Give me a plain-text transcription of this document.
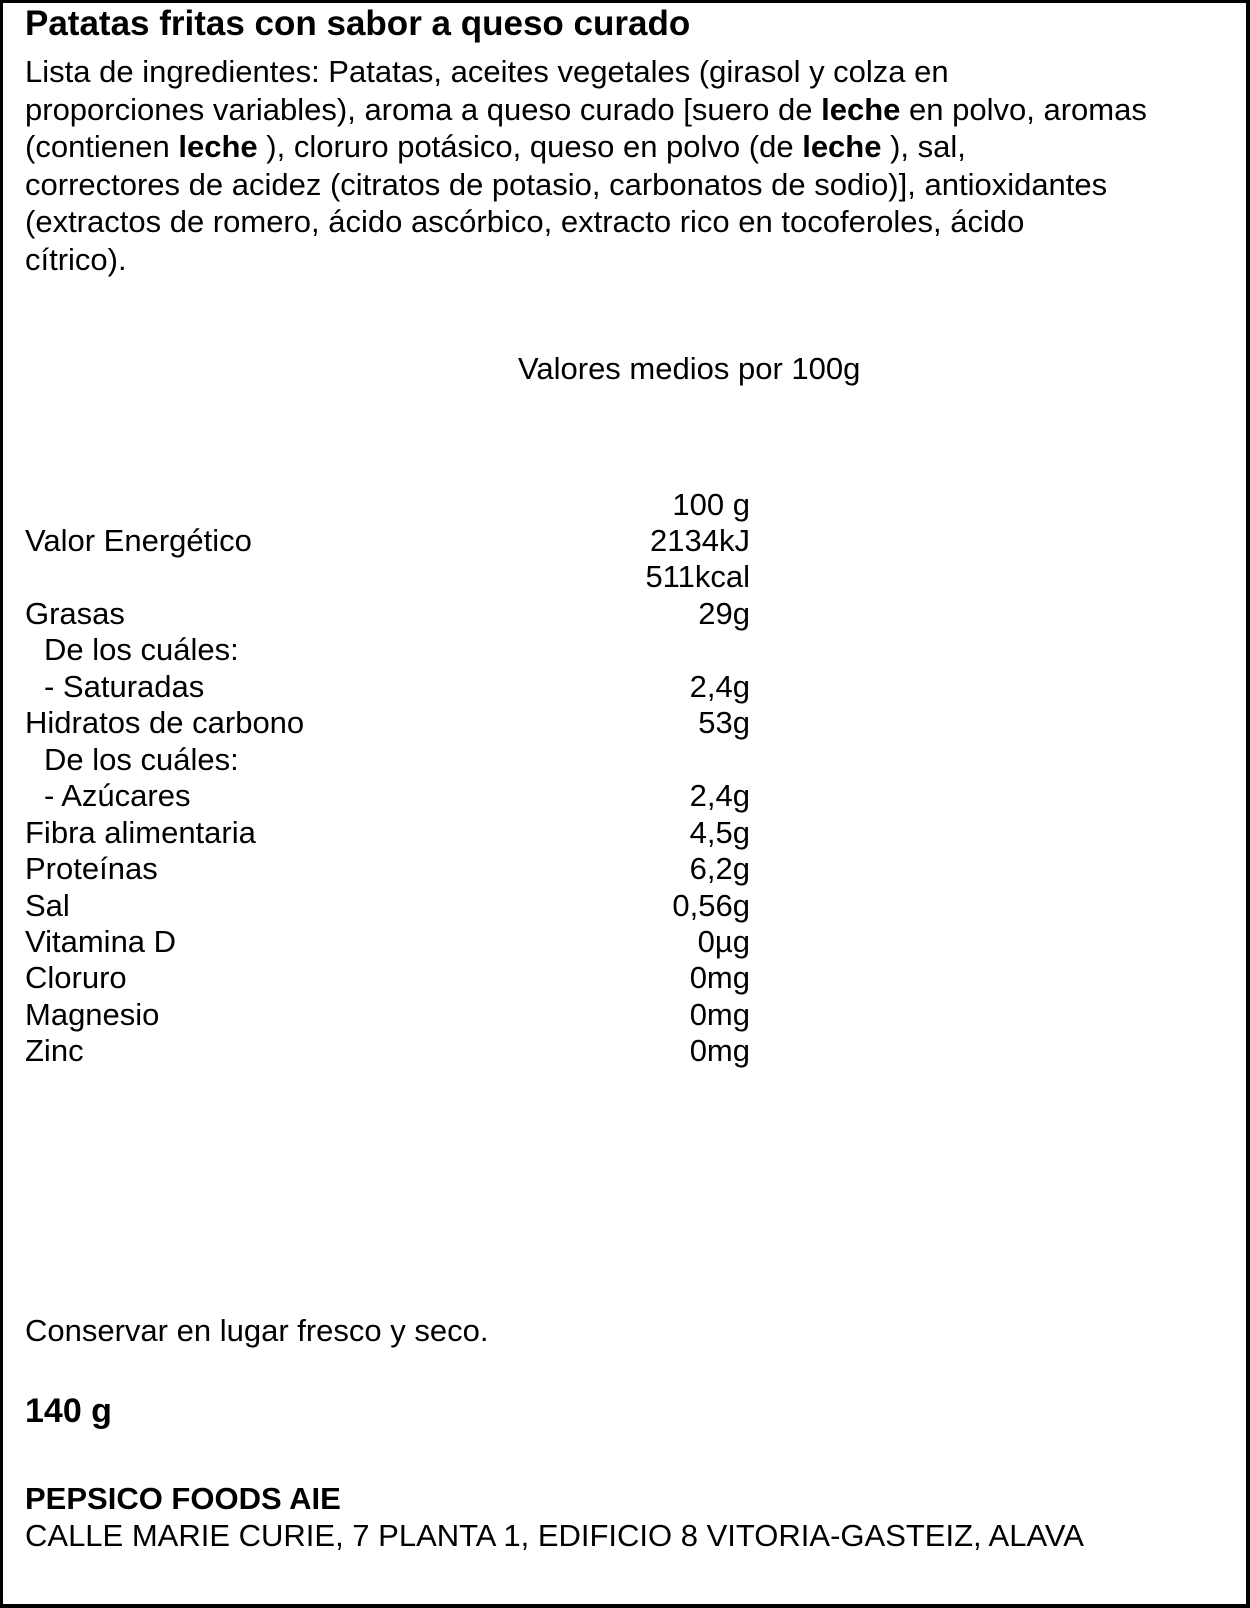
Patatas fritas con sabor a queso curado
Lista de ingredientes: Patatas, aceites vegetales (girasol y colza en
proporciones variables), aroma a queso curado [suero de leche en polvo, aromas
(contienen leche ), cloruro potásico, queso en polvo (de leche ), sal,
correctores de acidez (citratos de potasio, carbonatos de sodio)], antioxidantes
(extractos de romero, ácido ascórbico, extracto rico en tocoferoles, ácido
cítrico).
Valores medios por 100g
100 g
Valor Energético	2134kJ
511kcal
Grasas	29g
De los cuáles:
- Saturadas	2,4g
Hidratos de carbono	53g
De los cuáles:
- Azúcares	2,4g
Fibra alimentaria	4,5g
Proteínas	6,2g
Sal	0,56g
Vitamina D	0µg
Cloruro	0mg
Magnesio	0mg
Zinc	0mg
Conservar en lugar fresco y seco.
140 g
PEPSICO FOODS AIE
CALLE MARIE CURIE, 7 PLANTA 1, EDIFICIO 8 VITORIA-GASTEIZ, ALAVA
